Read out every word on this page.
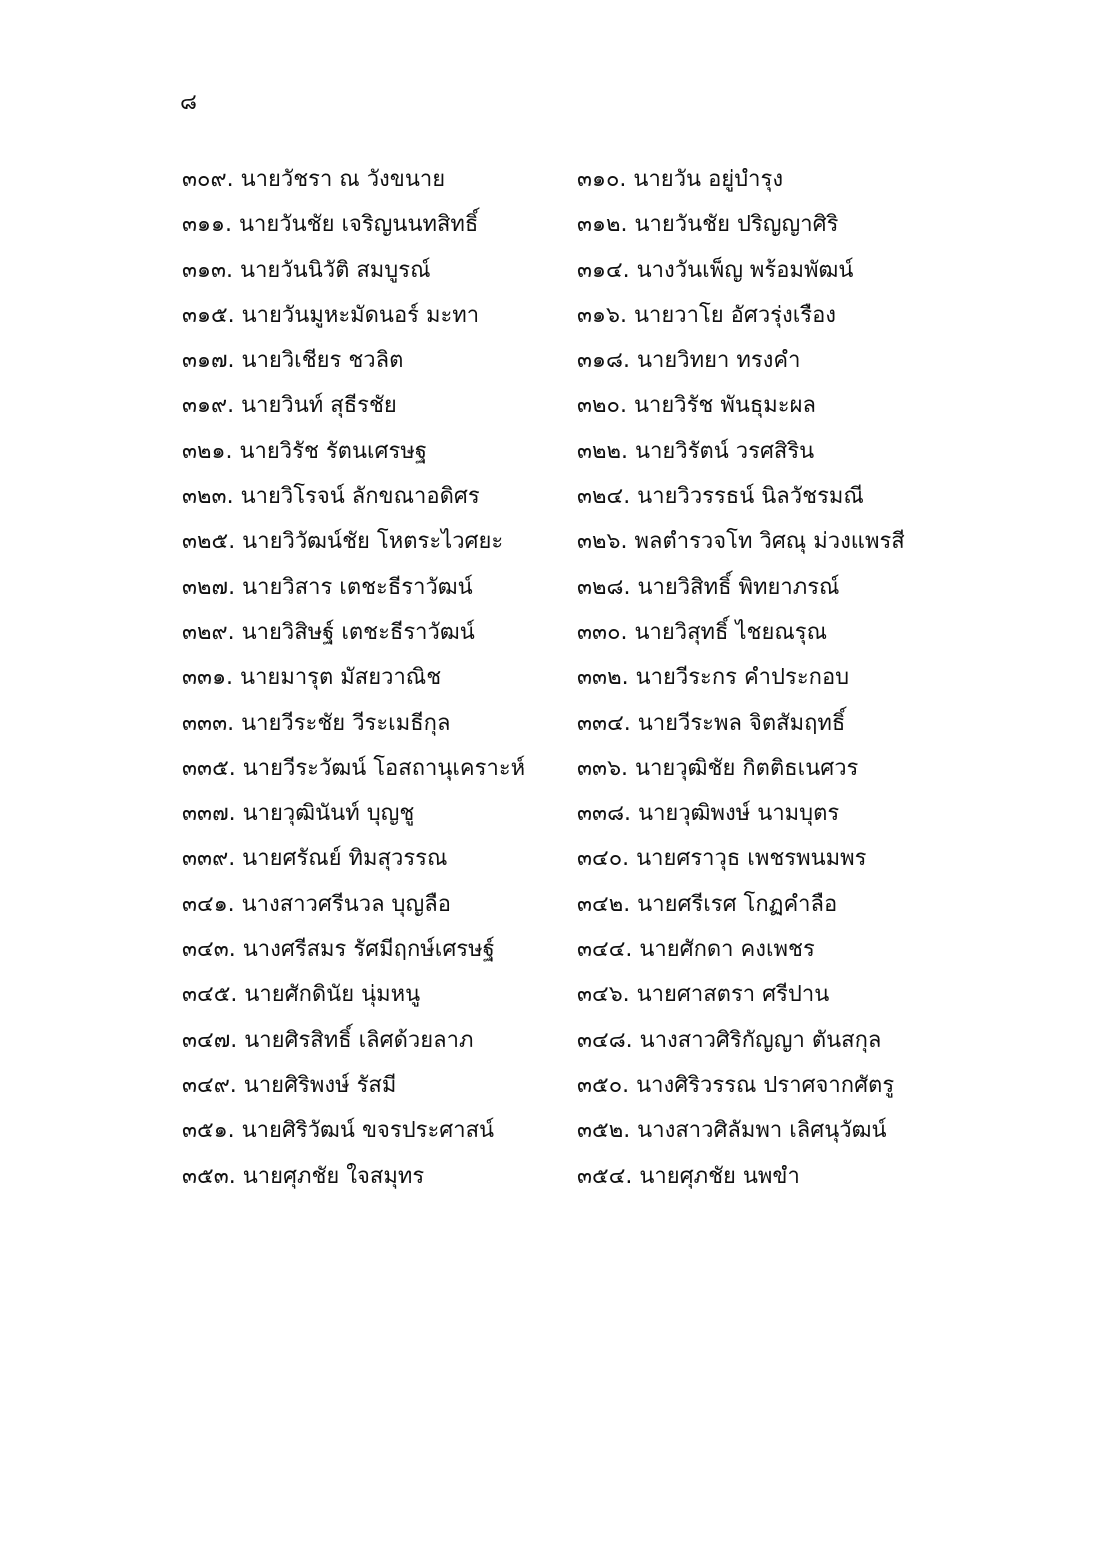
๘
๓๐๙. นายวัชรา ณ วังขนาย	๓๑๐. นายวัน อยู่บำรุง
๓๑๑. นายวันชัย เจริญนนทสิทธิ์	๓๑๒. นายวันชัย ปริญญาศิริ
๓๑๓. นายวันนิวัติ สมบูรณ์	๓๑๔. นางวันเพ็ญ พร้อมพัฒน์
๓๑๕. นายวันมูหะมัดนอร์ มะทา	๓๑๖. นายวาโย อัศวรุ่งเรือง
๓๑๗. นายวิเชียร ชวลิต	๓๑๘. นายวิทยา ทรงคำ
๓๑๙. นายวินท์ สุธีรชัย	๓๒๐. นายวิรัช พันธุมะผล
๓๒๑. นายวิรัช รัตนเศรษฐ	๓๒๒. นายวิรัตน์ วรศสิริน
๓๒๓. นายวิโรจน์ ลักขณาอดิศร	๓๒๔. นายวิวรรธน์ นิลวัชรมณี
๓๒๕. นายวิวัฒน์ชัย โหตระไวศยะ	๓๒๖. พลตำรวจโท วิศณุ ม่วงแพรสี
๓๒๗. นายวิสาร เตชะธีราวัฒน์	๓๒๘. นายวิสิทธิ์ พิทยาภรณ์
๓๒๙. นายวิสิษฐ์ เตชะธีราวัฒน์	๓๓๐. นายวิสุทธิ์ ไชยณรุณ
๓๓๑. นายมารุต มัสยวาณิช	๓๓๒. นายวีระกร คำประกอบ
๓๓๓. นายวีระชัย วีระเมธีกุล	๓๓๔. นายวีระพล จิตสัมฤทธิ์
๓๓๕. นายวีระวัฒน์ โอสถานุเคราะห์	๓๓๖. นายวุฒิชัย กิตติธเนศวร
๓๓๗. นายวุฒินันท์ บุญชู	๓๓๘. นายวุฒิพงษ์ นามบุตร
๓๓๙. นายศรัณย์ ทิมสุวรรณ	๓๔๐. นายศราวุธ เพชรพนมพร
๓๔๑. นางสาวศรีนวล บุญลือ	๓๔๒. นายศรีเรศ โกฏคำลือ
๓๔๓. นางศรีสมร รัศมีฤกษ์เศรษฐ์	๓๔๔. นายศักดา คงเพชร
๓๔๕. นายศักดินัย นุ่มหนู	๓๔๖. นายศาสตรา ศรีปาน
๓๔๗. นายศิรสิทธิ์ เลิศด้วยลาภ	๓๔๘. นางสาวศิริกัญญา ตันสกุล
๓๔๙. นายศิริพงษ์ รัสมี	๓๕๐. นางศิริวรรณ ปราศจากศัตรู
๓๕๑. นายศิริวัฒน์ ขจรประศาสน์	๓๕๒. นางสาวศิลัมพา เลิศนุวัฒน์
๓๕๓. นายศุภชัย ใจสมุทร	๓๕๔. นายศุภชัย นพขำ
